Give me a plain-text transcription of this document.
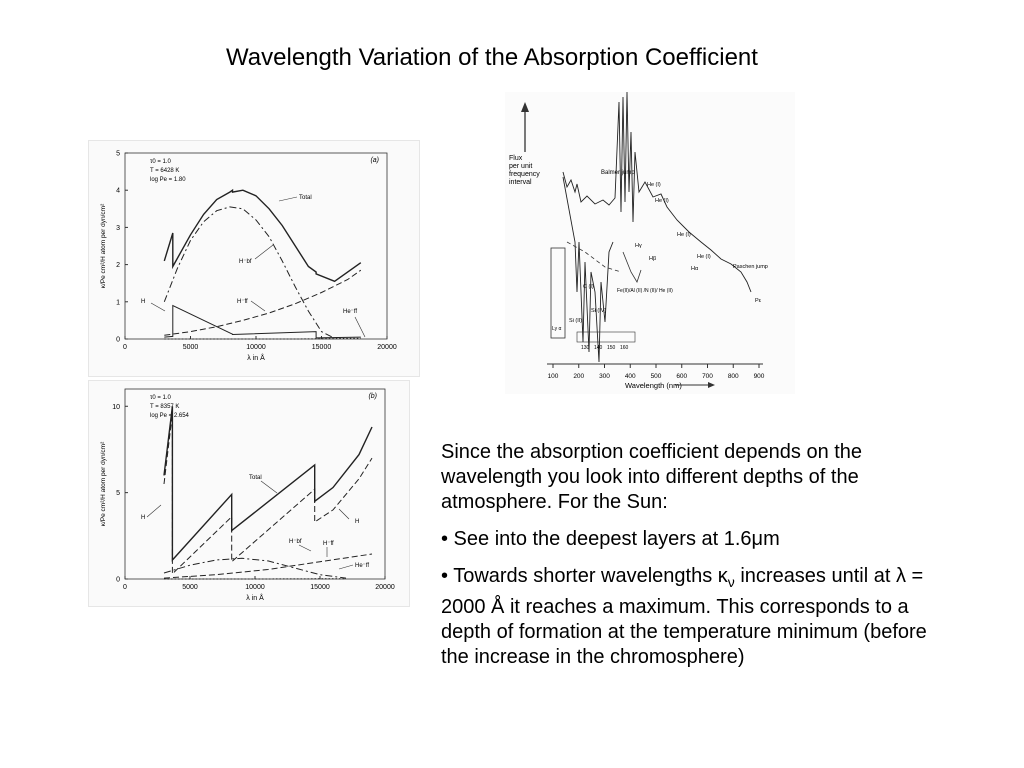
Wavelength Variation of the Absorption Coefficient
0	5000	10000	15000	20000
0
1
2
3
4
5
λ in Å
κ/Pe cm²/H atom per dyn/cm²
(a)
τ0 = 1.0
T = 6428 K
log Pe = 1.80
Total
H⁻bf
H⁻ff
H
He⁻ff
0	5000	10000	15000	20000
0
5
10
λ in Å
κ/Pe cm²/H atom per dyn/cm²
(b)
τ0 = 1.0
T = 8357 K
log Pe = 2.654
Total
H
H⁻bf	H⁻ff
He⁻ff
H
Flux per unit frequency interval
100 200 300 400 500 600 700 800 900
Wavelength (nm)
130 140 150 160
Balmer jump
He (I)
He (I)
Hγ
Hβ
He (I)
He (I)
Hα	Paschen jump
Pε
C (I)
Si (IV)
Si (II)
Ly α
Fe(II)/Al (II) /N (II)/ He (II)

Since the absorption coefficient depends on the wavelength you look into different depths of the atmosphere. For the Sun:

• See into the deepest layers at 1.6μm

• Towards shorter wavelengths $\kappa_\nu$ increases until at λ = 2000 Å it reaches a maximum. This corresponds to a depth of formation at the temperature minimum (before the increase in the chromosphere)
